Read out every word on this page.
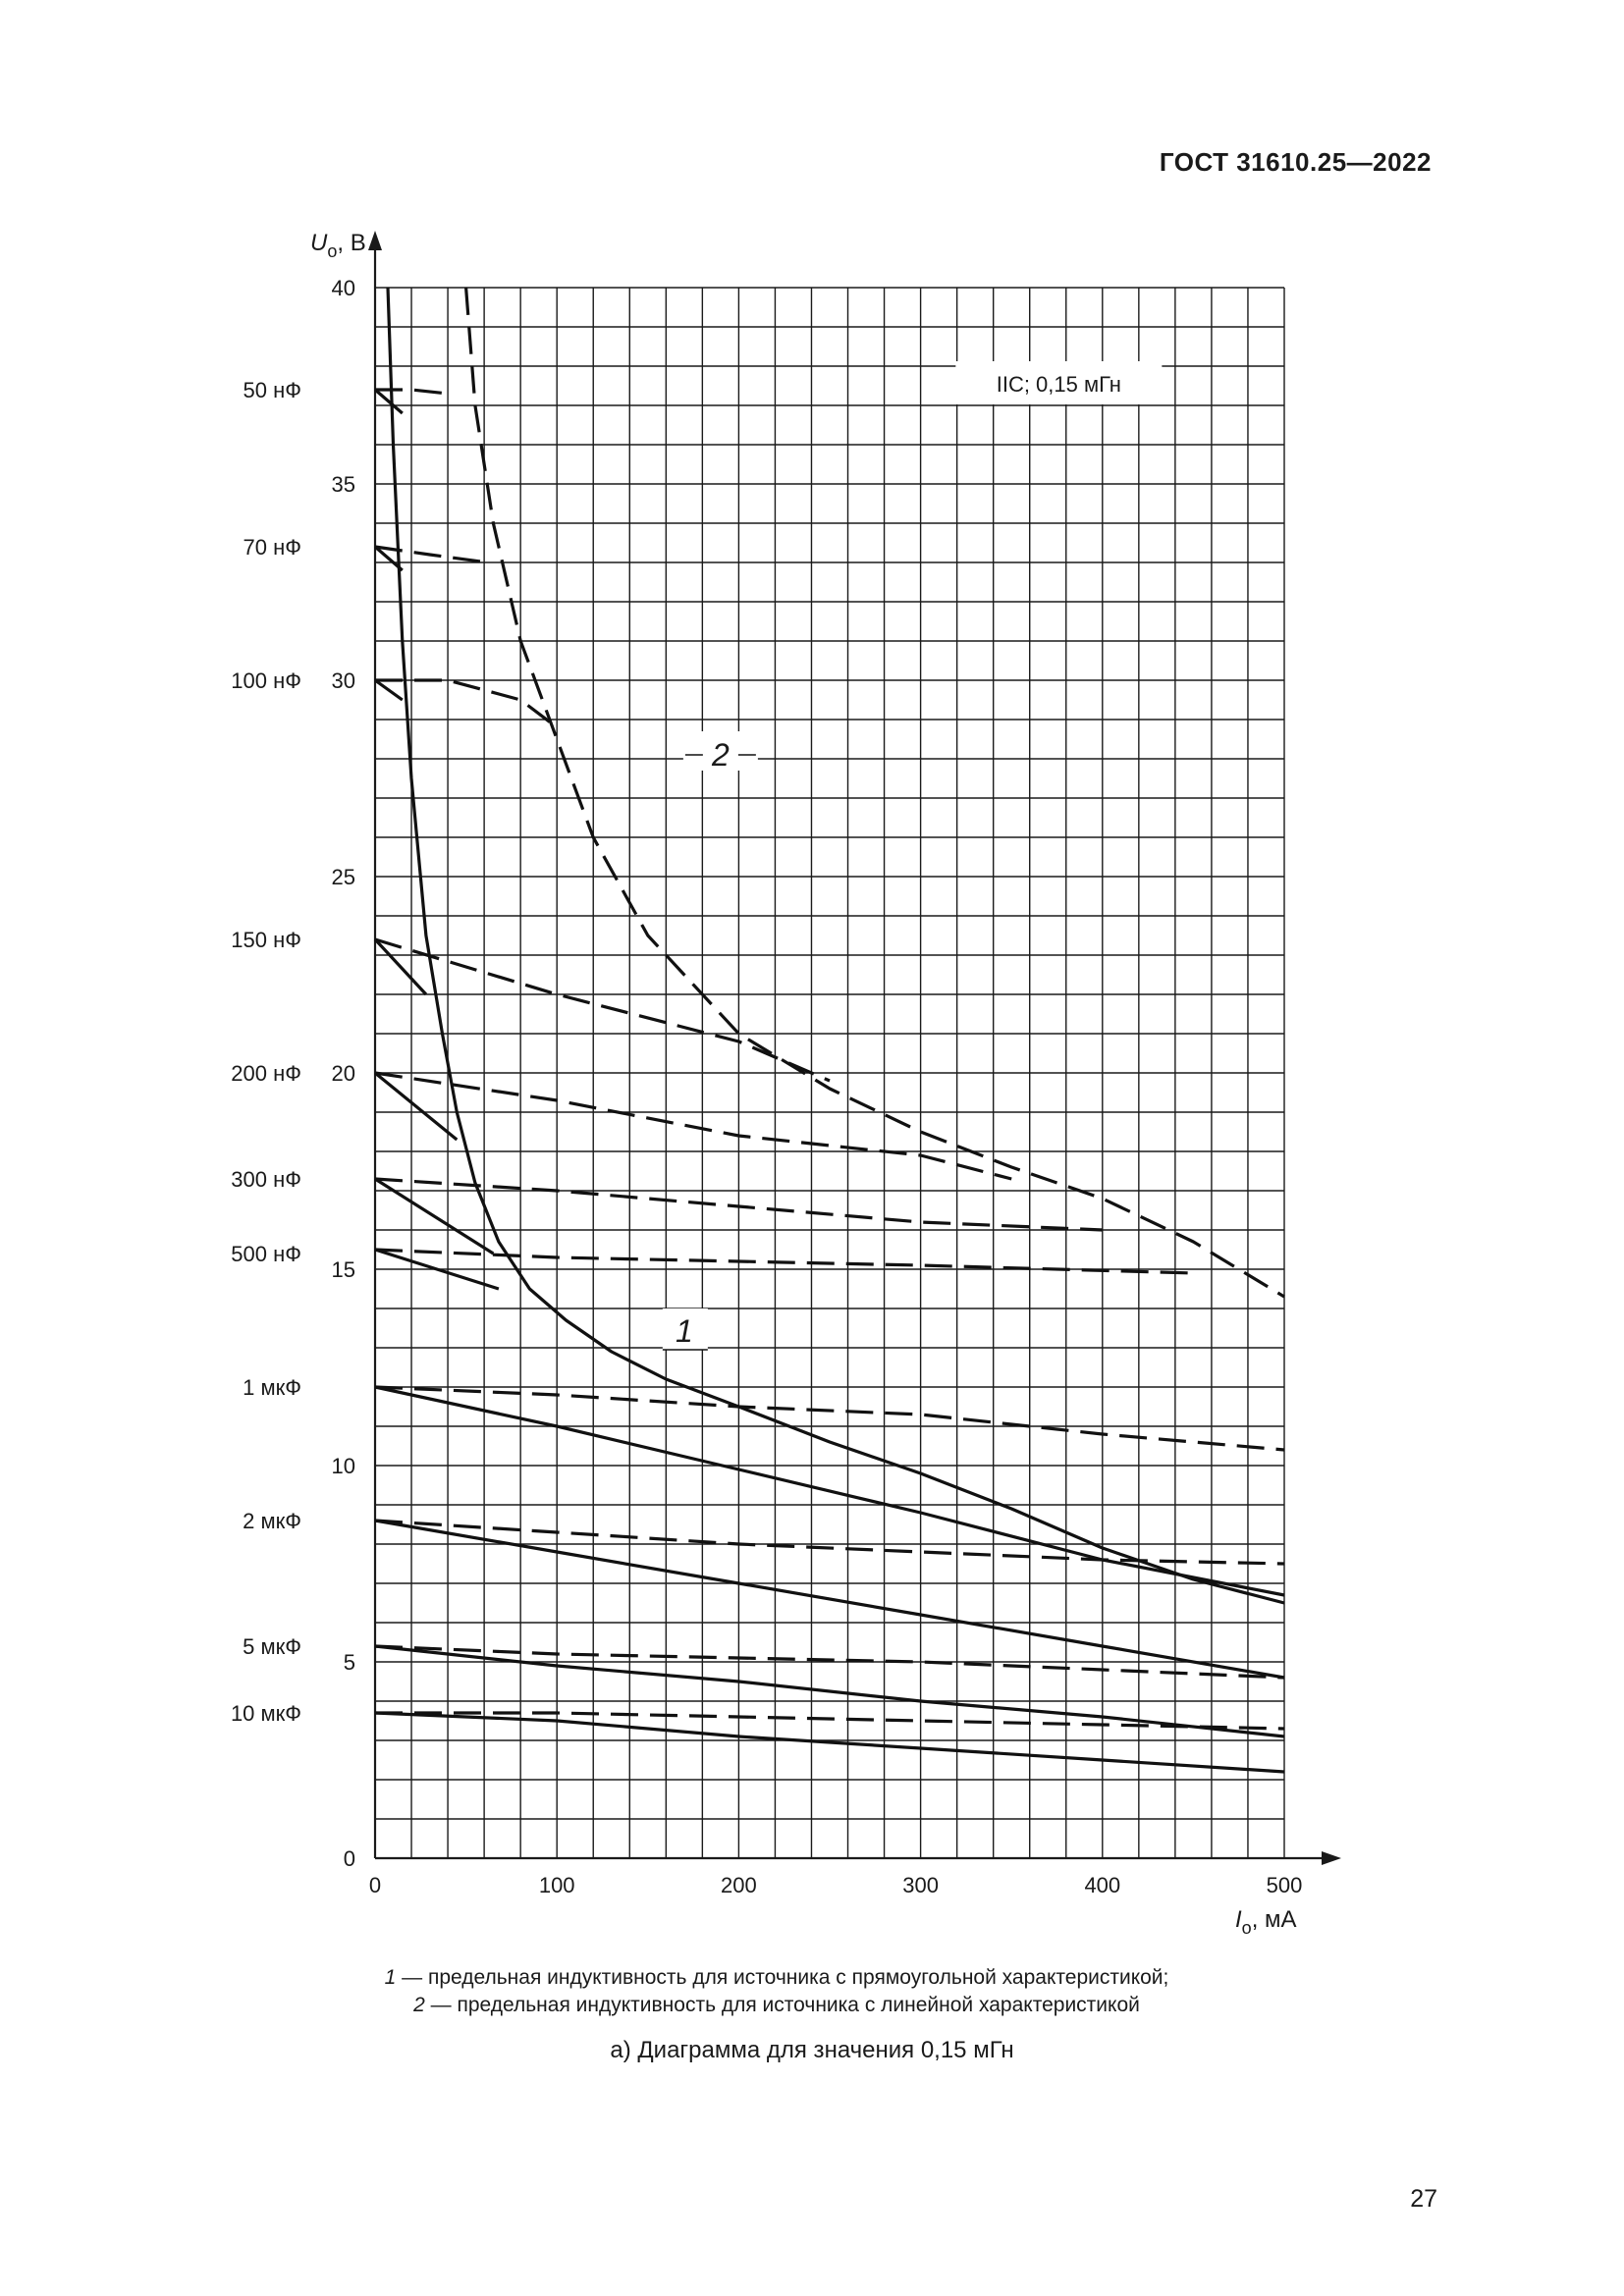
ГОСТ 31610.25—2022
0
5
10
15
20
25
30
35
40
0	100	200	300	400	500
$U_о$, В
$I_о$, мА
50 нФ
70 нФ
100 нФ
150 нФ
200 нФ
300 нФ
500 нФ
1 мкФ
2 мкФ
5 мкФ
10 мкФ
IIC; 0,15 мГн
2
1
1 — предельная индуктивность для источника с прямоугольной характеристикой;
2 — предельная индуктивность для источника с линейной характеристикой
а) Диаграмма для значения 0,15 мГн
27
